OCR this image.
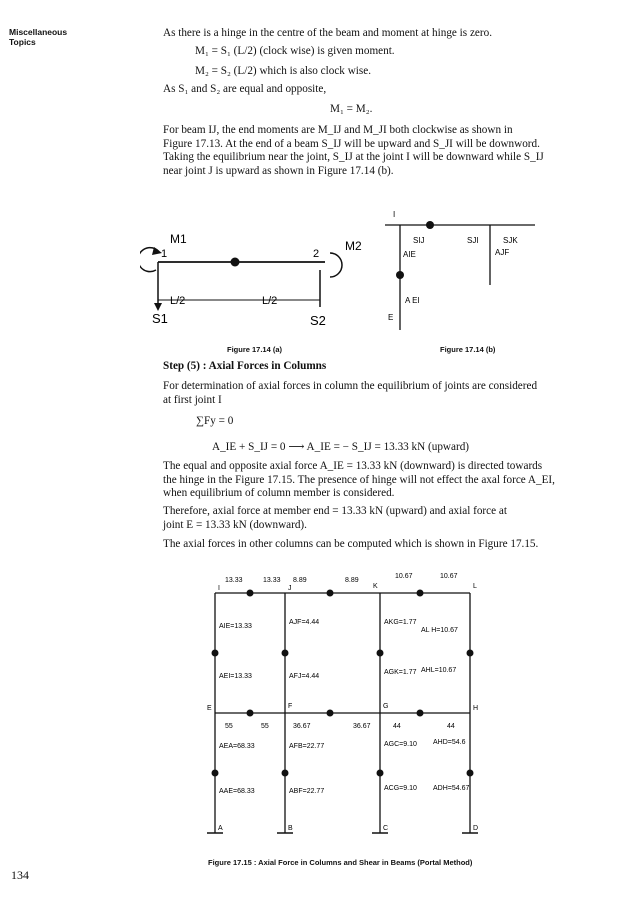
Miscellaneous
Topics
As there is a hinge in the centre of the beam and moment at hinge is zero.
M₁ = S₁ (L/2) (clock wise) is given moment.
M₂ = S₂ (L/2) which is also clock wise.
As S₁ and S₂ are equal and opposite,
M₁ = M₂.
For beam IJ, the end moments are M_IJ and M_JI both clockwise as shown in
Figure 17.13. At the end of a beam S_IJ will be upward and S_JI will be downword.
Taking the equilibrium near the joint, S_IJ at the joint I will be downward while S_IJ
near joint J is upward as shown in Figure 17.14 (b).
M1
1	2
M2
L/2	L/2
S1	S2
I
SIJ	SJI	SJK
AIE	AJF
A EI
E
Figure 17.14 (a)	Figure 17.14 (b)
Step (5) : Axial Forces in Columns
For determination of axial forces in column the equilibrium of joints are considered
at first joint I
∑Fy = 0
A_IE + S_IJ = 0 ⟶ A_IE = − S_IJ = 13.33 kN (upward)
The equal and opposite axial force A_IE = 13.33 kN (downward) is directed towards
the hinge in the Figure 17.15. The presence of hinge will not effect the axal force A_EI,
when equilibrium of column member is considered.
Therefore, axial force at member end = 13.33 kN (upward) and axial force at
joint E = 13.33 kN (downward).
The axial forces in other columns can be computed which is shown in Figure 17.15.
13.33	13.33 8.89	8.89
10.67	10.67
I	J	K	L
E	F	G	H
A	B	C	D
AIE=13.33
AJF=4.44	AKG=1.77
AL H=10.67
AEI=13.33	AFJ=4.44
AGK=1.77 AHL=10.67
55	55	36.67	36.67	44	44
AEA=68.33	AFB=22.77	AGC=9.10 AHD=54.6
AAE=68.33	ABF=22.77	ACG=9.10 ADH=54.67
Figure 17.15 : Axial Force in Columns and Shear in Beams (Portal Method)
134
